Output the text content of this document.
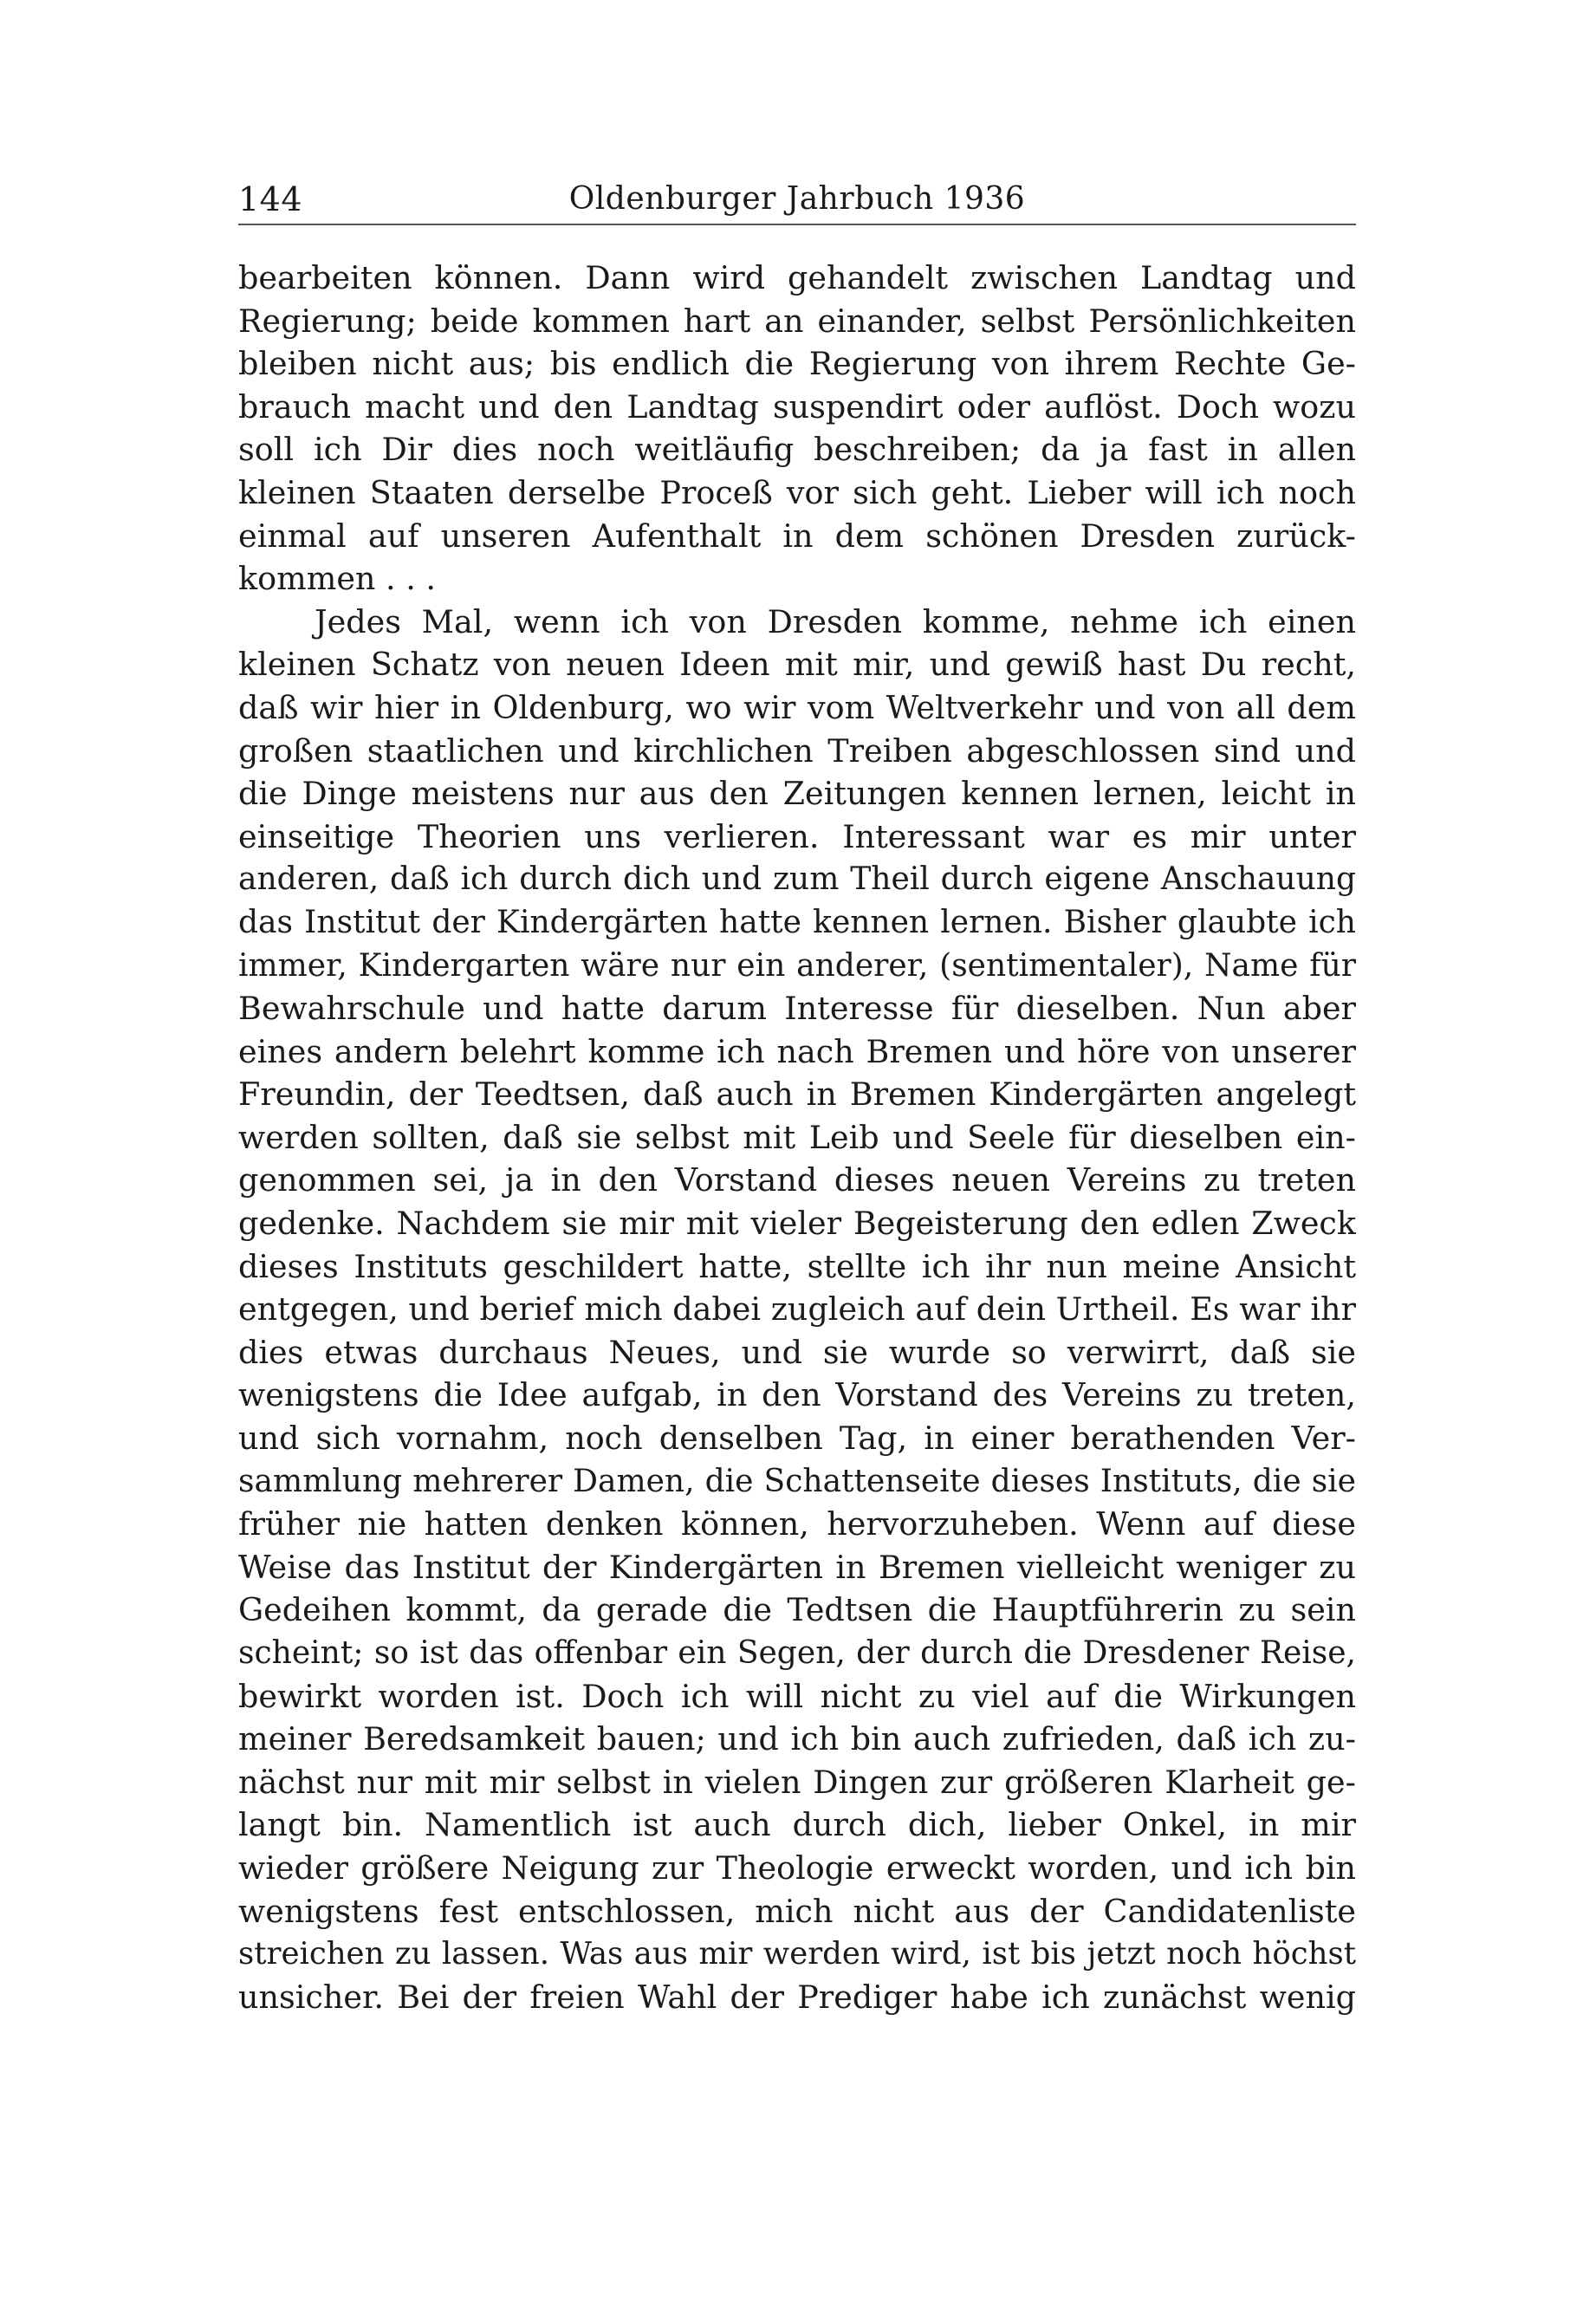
144	Oldenburger Jahrbuch 1936
bearbeiten können. Dann wird gehandelt zwischen Landtag und
Regierung; beide kommen hart an einander, selbst Persönlichkeiten
bleiben nicht aus; bis endlich die Regierung von ihrem Rechte Ge-
brauch macht und den Landtag suspendirt oder auflöst. Doch wozu
soll ich Dir dies noch weitläufig beschreiben; da ja fast in allen
kleinen Staaten derselbe Proceß vor sich geht. Lieber will ich noch
einmal auf unseren Aufenthalt in dem schönen Dresden zurück-
kommen . . .
Jedes Mal, wenn ich von Dresden komme, nehme ich einen
kleinen Schatz von neuen Ideen mit mir, und gewiß hast Du recht,
daß wir hier in Oldenburg, wo wir vom Weltverkehr und von all dem
großen staatlichen und kirchlichen Treiben abgeschlossen sind und
die Dinge meistens nur aus den Zeitungen kennen lernen, leicht in
einseitige Theorien uns verlieren. Interessant war es mir unter
anderen, daß ich durch dich und zum Theil durch eigene Anschauung
das Institut der Kindergärten hatte kennen lernen. Bisher glaubte ich
immer, Kindergarten wäre nur ein anderer, (sentimentaler), Name für
Bewahrschule und hatte darum Interesse für dieselben. Nun aber
eines andern belehrt komme ich nach Bremen und höre von unserer
Freundin, der Teedtsen, daß auch in Bremen Kindergärten angelegt
werden sollten, daß sie selbst mit Leib und Seele für dieselben ein-
genommen sei, ja in den Vorstand dieses neuen Vereins zu treten
gedenke. Nachdem sie mir mit vieler Begeisterung den edlen Zweck
dieses Instituts geschildert hatte, stellte ich ihr nun meine Ansicht
entgegen, und berief mich dabei zugleich auf dein Urtheil. Es war ihr
dies etwas durchaus Neues, und sie wurde so verwirrt, daß sie
wenigstens die Idee aufgab, in den Vorstand des Vereins zu treten,
und sich vornahm, noch denselben Tag, in einer berathenden Ver-
sammlung mehrerer Damen, die Schattenseite dieses Instituts, die sie
früher nie hatten denken können, hervorzuheben. Wenn auf diese
Weise das Institut der Kindergärten in Bremen vielleicht weniger zu
Gedeihen kommt, da gerade die Tedtsen die Hauptführerin zu sein
scheint; so ist das offenbar ein Segen, der durch die Dresdener Reise,
bewirkt worden ist. Doch ich will nicht zu viel auf die Wirkungen
meiner Beredsamkeit bauen; und ich bin auch zufrieden, daß ich zu-
nächst nur mit mir selbst in vielen Dingen zur größeren Klarheit ge-
langt bin. Namentlich ist auch durch dich, lieber Onkel, in mir
wieder größere Neigung zur Theologie erweckt worden, und ich bin
wenigstens fest entschlossen, mich nicht aus der Candidatenliste
streichen zu lassen. Was aus mir werden wird, ist bis jetzt noch höchst
unsicher. Bei der freien Wahl der Prediger habe ich zunächst wenig
